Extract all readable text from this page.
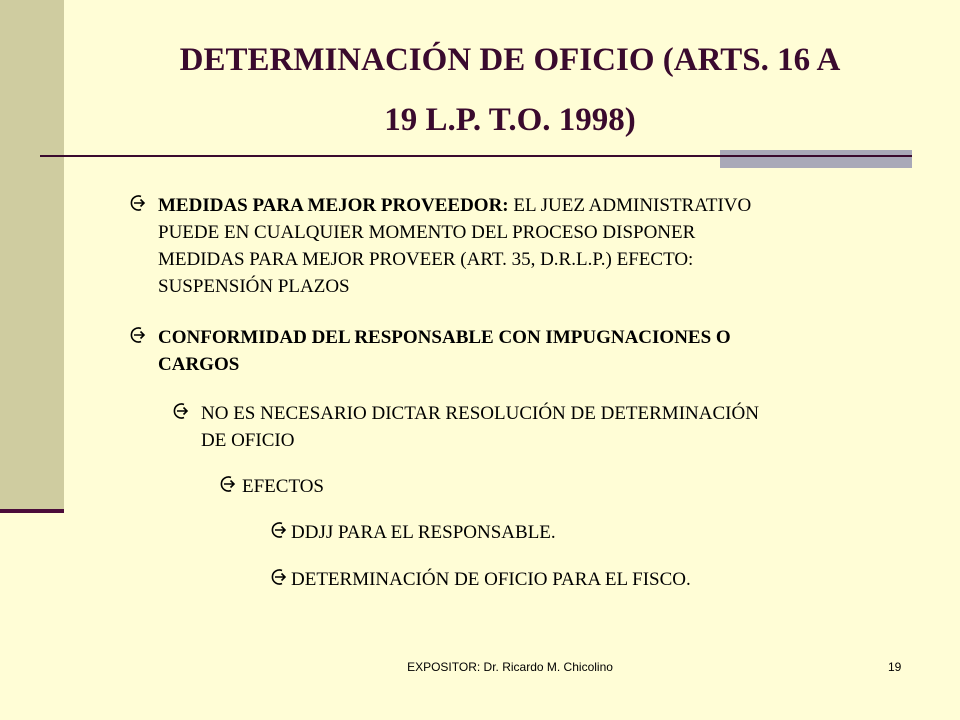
DETERMINACIÓN DE OFICIO (ARTS. 16 A
19 L.P. T.O. 1998)
MEDIDAS PARA MEJOR PROVEEDOR: EL JUEZ ADMINISTRATIVO
PUEDE EN CUALQUIER MOMENTO DEL PROCESO DISPONER
MEDIDAS PARA MEJOR PROVEER (ART. 35, D.R.L.P.) EFECTO:
SUSPENSIÓN PLAZOS
CONFORMIDAD DEL RESPONSABLE CON IMPUGNACIONES O
CARGOS
NO ES NECESARIO DICTAR RESOLUCIÓN DE DETERMINACIÓN
DE OFICIO
EFECTOS
DDJJ PARA EL RESPONSABLE.
DETERMINACIÓN DE OFICIO PARA EL FISCO.
EXPOSITOR: Dr. Ricardo M. Chicolino	19
